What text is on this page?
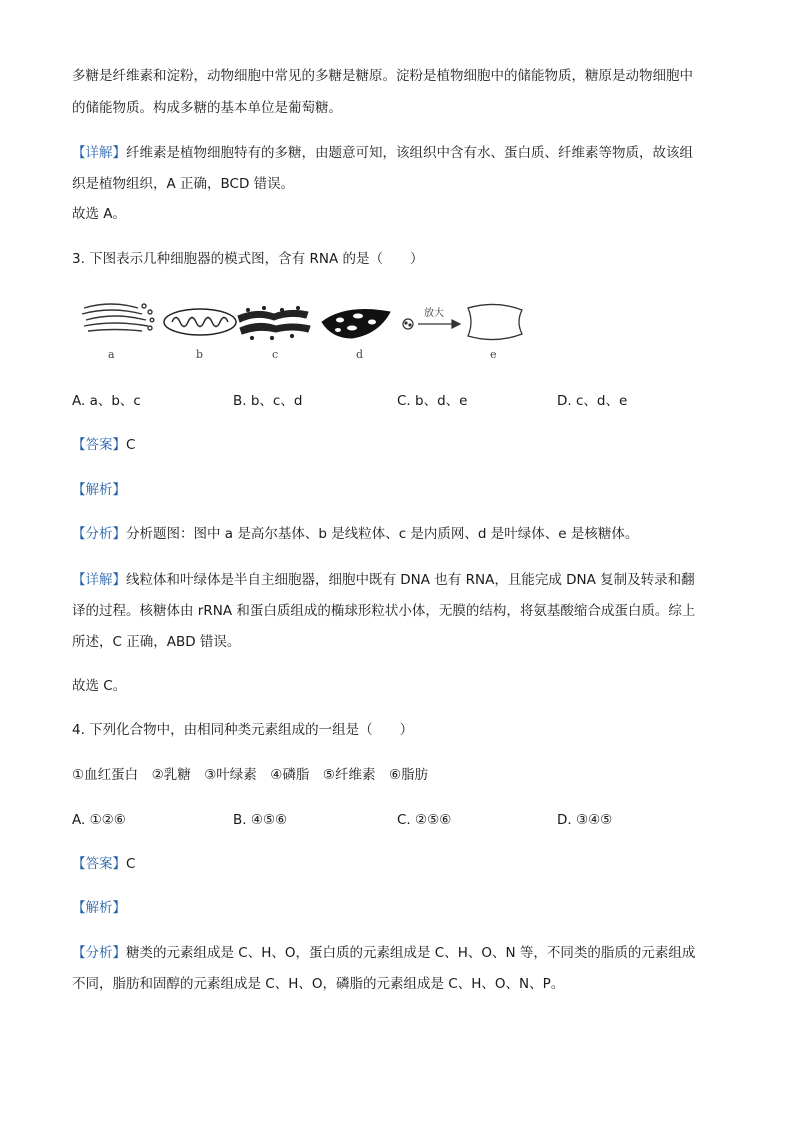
多糖是纤维素和淀粉，动物细胞中常见的多糖是糖原。淀粉是植物细胞中的储能物质，糖原是动物细胞中
的储能物质。构成多糖的基本单位是葡萄糖。
【详解】纤维素是植物细胞特有的多糖，由题意可知，该组织中含有水、蛋白质、纤维素等物质，故该组
织是植物组织，A 正确，BCD 错误。
故选 A。
3. 下图表示几种细胞器的模式图，含有 RNA 的是（　　）
放大
a	b	c	d	e
A. a、b、c	B. b、c、d	C. b、d、e	D. c、d、e
【答案】C
【解析】
【分析】分析题图：图中 a 是高尔基体、b 是线粒体、c 是内质网、d 是叶绿体、e 是核糖体。
【详解】线粒体和叶绿体是半自主细胞器，细胞中既有 DNA 也有 RNA，且能完成 DNA 复制及转录和翻
译的过程。核糖体由 rRNA 和蛋白质组成的椭球形粒状小体，无膜的结构，将氨基酸缩合成蛋白质。综上
所述，C 正确，ABD 错误。
故选 C。
4. 下列化合物中，由相同种类元素组成的一组是（　　）
①血红蛋白　②乳糖　③叶绿素　④磷脂　⑤纤维素　⑥脂肪
A. ①②⑥	B. ④⑤⑥	C. ②⑤⑥	D. ③④⑤
【答案】C
【解析】
【分析】糖类的元素组成是 C、H、O，蛋白质的元素组成是 C、H、O、N 等，不同类的脂质的元素组成
不同，脂肪和固醇的元素组成是 C、H、O，磷脂的元素组成是 C、H、O、N、P。
